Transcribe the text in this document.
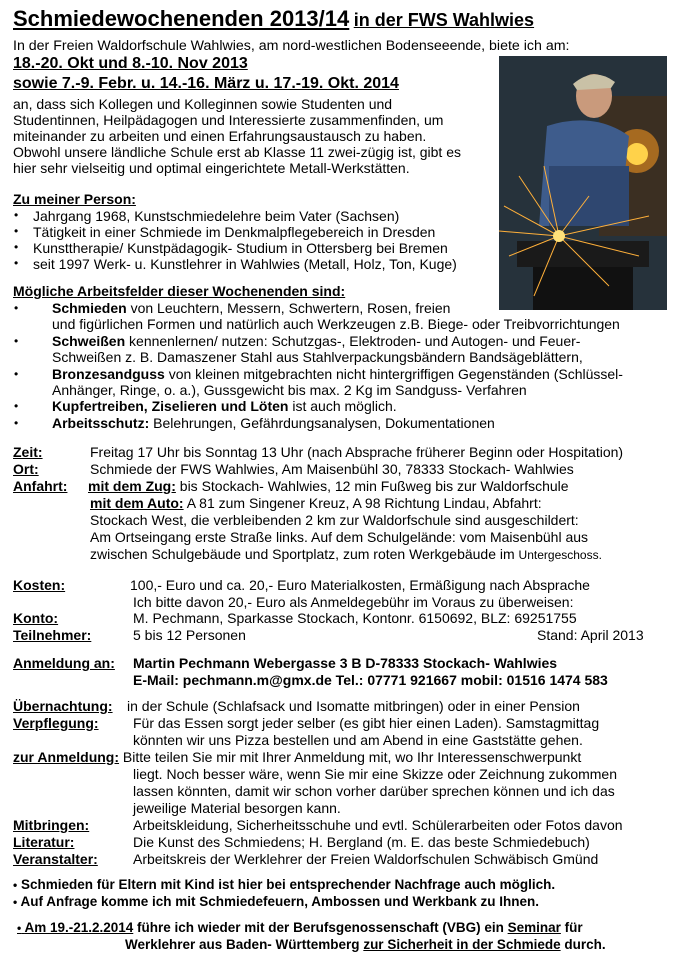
Schmiedewochenenden 2013/14 in der FWS Wahlwies
In der Freien Waldorfschule Wahlwies, am nord-westlichen Bodenseeende, biete ich am:
18.-20. Okt und 8.-10. Nov 2013
sowie 7.-9. Febr. u. 14.-16. März u. 17.-19. Okt. 2014
an, dass sich Kollegen und Kolleginnen sowie Studenten und
Studentinnen, Heilpädagogen und Interessierte zusammenfinden, um
miteinander zu arbeiten und einen Erfahrungsaustausch zu haben.
Obwohl unsere ländliche Schule erst ab Klasse 11 zwei-zügig ist, gibt es
hier sehr vielseitig und optimal eingerichtete Metall-Werkstätten.
Zu meiner Person:
• Jahrgang 1968, Kunstschmiedelehre beim Vater (Sachsen)
• Tätigkeit in einer Schmiede im Denkmalpflegebereich in Dresden
• Kunsttherapie/ Kunstpädagogik- Studium in Ottersberg bei Bremen
• seit 1997 Werk- u. Kunstlehrer in Wahlwies (Metall, Holz, Ton, Kuge)
Mögliche Arbeitsfelder dieser Wochenenden sind:
• Schmieden von Leuchtern, Messern, Schwertern, Rosen, freien
und figürlichen Formen und natürlich auch Werkzeugen z.B. Biege- oder Treibvorrichtungen
• Schweißen kennenlernen/ nutzen: Schutzgas-, Elektroden- und Autogen- und Feuer-
Schweißen z. B. Damaszener Stahl aus Stahlverpackungsbändern Bandsägeblättern,
• Bronzesandguss von kleinen mitgebrachten nicht hintergriffigen Gegenständen (Schlüssel-
Anhänger, Ringe, o. a.), Gussgewicht bis max. 2 Kg im Sandguss- Verfahren
• Kupfertreiben, Ziselieren und Löten ist auch möglich.
• Arbeitsschutz: Belehrungen, Gefährdungsanalysen, Dokumentationen
Zeit:	Freitag 17 Uhr bis Sonntag 13 Uhr (nach Absprache früherer Beginn oder Hospitation)
Ort:	Schmiede der FWS Wahlwies, Am Maisenbühl 30, 78333 Stockach- Wahlwies
Anfahrt: mit dem Zug: bis Stockach- Wahlwies, 12 min Fußweg bis zur Waldorfschule
mit dem Auto: A 81 zum Singener Kreuz, A 98 Richtung Lindau, Abfahrt:
Stockach West, die verbleibenden 2 km zur Waldorfschule sind ausgeschildert:
Am Ortseingang erste Straße links. Auf dem Schulgelände: vom Maisenbühl aus
zwischen Schulgebäude und Sportplatz, zum roten Werkgebäude im Untergeschoss.
Kosten:	100,- Euro und ca. 20,- Euro Materialkosten, Ermäßigung nach Absprache
Ich bitte davon 20,- Euro als Anmeldegebühr im Voraus zu überweisen:
Konto:	M. Pechmann, Sparkasse Stockach, Kontonr. 6150692, BLZ: 69251755
Teilnehmer:	5 bis 12 Personen	Stand: April 2013
Anmeldung an: Martin Pechmann Webergasse 3 B D-78333 Stockach- Wahlwies
E-Mail: pechmann.m@gmx.de Tel.: 07771 921667 mobil: 01516 1474 583
Übernachtung: in der Schule (Schlafsack und Isomatte mitbringen) oder in einer Pension
Verpflegung: Für das Essen sorgt jeder selber (es gibt hier einen Laden). Samstagmittag
könnten wir uns Pizza bestellen und am Abend in eine Gaststätte gehen.
zur Anmeldung: Bitte teilen Sie mir mit Ihrer Anmeldung mit, wo Ihr Interessenschwerpunkt
liegt. Noch besser wäre, wenn Sie mir eine Skizze oder Zeichnung zukommen
lassen könnten, damit wir schon vorher darüber sprechen können und ich das
jeweilige Material besorgen kann.
Mitbringen:	Arbeitskleidung, Sicherheitsschuhe und evtl. Schülerarbeiten oder Fotos davon
Literatur:	Die Kunst des Schmiedens; H. Bergland (m. E. das beste Schmiedebuch)
Veranstalter:	Arbeitskreis der Werklehrer der Freien Waldorfschulen Schwäbisch Gmünd
• Schmieden für Eltern mit Kind ist hier bei entsprechender Nachfrage auch möglich.
• Auf Anfrage komme ich mit Schmiedefeuern, Ambossen und Werkbank zu Ihnen.
• Am 19.-21.2.2014 führe ich wieder mit der Berufsgenossenschaft (VBG) ein Seminar für
Werklehrer aus Baden- Württemberg zur Sicherheit in der Schmiede durch.
